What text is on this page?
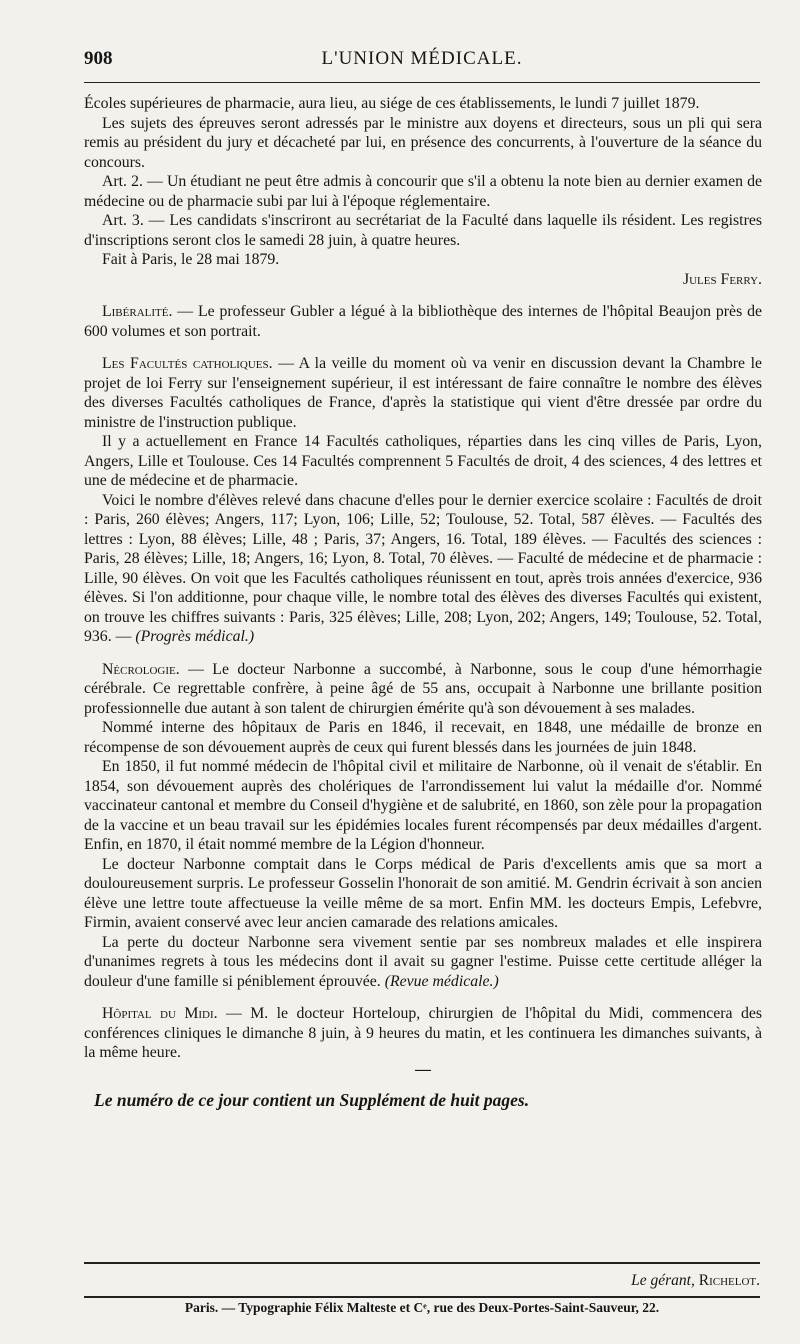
908	L'UNION MÉDICALE.

Écoles supérieures de pharmacie, aura lieu, au siége de ces établissements, le lundi 7 juillet 1879.

Les sujets des épreuves seront adressés par le ministre aux doyens et directeurs, sous un pli qui sera remis au président du jury et décacheté par lui, en présence des concurrents, à l'ouverture de la séance du concours.

Art. 2. — Un étudiant ne peut être admis à concourir que s'il a obtenu la note bien au dernier examen de médecine ou de pharmacie subi par lui à l'époque réglementaire.

Art. 3. — Les candidats s'inscriront au secrétariat de la Faculté dans laquelle ils résident. Les registres d'inscriptions seront clos le samedi 28 juin, à quatre heures.

Fait à Paris, le 28 mai 1879.

Jules Ferry.

Libéralité. — Le professeur Gubler a légué à la bibliothèque des internes de l'hôpital Beaujon près de 600 volumes et son portrait.

Les Facultés catholiques. — A la veille du moment où va venir en discussion devant la Chambre le projet de loi Ferry sur l'enseignement supérieur, il est intéressant de faire connaître le nombre des élèves des diverses Facultés catholiques de France, d'après la statistique qui vient d'être dressée par ordre du ministre de l'instruction publique.

Il y a actuellement en France 14 Facultés catholiques, réparties dans les cinq villes de Paris, Lyon, Angers, Lille et Toulouse. Ces 14 Facultés comprennent 5 Facultés de droit, 4 des sciences, 4 des lettres et une de médecine et de pharmacie.

Voici le nombre d'élèves relevé dans chacune d'elles pour le dernier exercice scolaire : Facultés de droit : Paris, 260 élèves; Angers, 117; Lyon, 106; Lille, 52; Toulouse, 52. Total, 587 élèves. — Facultés des lettres : Lyon, 88 élèves; Lille, 48 ; Paris, 37; Angers, 16. Total, 189 élèves. — Facultés des sciences : Paris, 28 élèves; Lille, 18; Angers, 16; Lyon, 8. Total, 70 élèves. — Faculté de médecine et de pharmacie : Lille, 90 élèves. On voit que les Facultés catholiques réunissent en tout, après trois années d'exercice, 936 élèves. Si l'on additionne, pour chaque ville, le nombre total des élèves des diverses Facultés qui existent, on trouve les chiffres suivants : Paris, 325 élèves; Lille, 208; Lyon, 202; Angers, 149; Toulouse, 52. Total, 936. — (Progrès médical.)

Nécrologie. — Le docteur Narbonne a succombé, à Narbonne, sous le coup d'une hémorrhagie cérébrale. Ce regrettable confrère, à peine âgé de 55 ans, occupait à Narbonne une brillante position professionnelle due autant à son talent de chirurgien émérite qu'à son dévouement à ses malades.

Nommé interne des hôpitaux de Paris en 1846, il recevait, en 1848, une médaille de bronze en récompense de son dévouement auprès de ceux qui furent blessés dans les journées de juin 1848.

En 1850, il fut nommé médecin de l'hôpital civil et militaire de Narbonne, où il venait de s'établir. En 1854, son dévouement auprès des cholériques de l'arrondissement lui valut la médaille d'or. Nommé vaccinateur cantonal et membre du Conseil d'hygiène et de salubrité, en 1860, son zèle pour la propagation de la vaccine et un beau travail sur les épidémies locales furent récompensés par deux médailles d'argent. Enfin, en 1870, il était nommé membre de la Légion d'honneur.

Le docteur Narbonne comptait dans le Corps médical de Paris d'excellents amis que sa mort a douloureusement surpris. Le professeur Gosselin l'honorait de son amitié. M. Gendrin écrivait à son ancien élève une lettre toute affectueuse la veille même de sa mort. Enfin MM. les docteurs Empis, Lefebvre, Firmin, avaient conservé avec leur ancien camarade des relations amicales.

La perte du docteur Narbonne sera vivement sentie par ses nombreux malades et elle inspirera d'unanimes regrets à tous les médecins dont il avait su gagner l'estime. Puisse cette certitude alléger la douleur d'une famille si péniblement éprouvée. (Revue médicale.)

Hôpital du Midi. — M. le docteur Horteloup, chirurgien de l'hôpital du Midi, commencera des conférences cliniques le dimanche 8 juin, à 9 heures du matin, et les continuera les dimanches suivants, à la même heure.

—

Le numéro de ce jour contient un Supplément de huit pages.

Le gérant, Richelot.
Paris. — Typographie Félix Malteste et Cᵉ, rue des Deux-Portes-Saint-Sauveur, 22.
